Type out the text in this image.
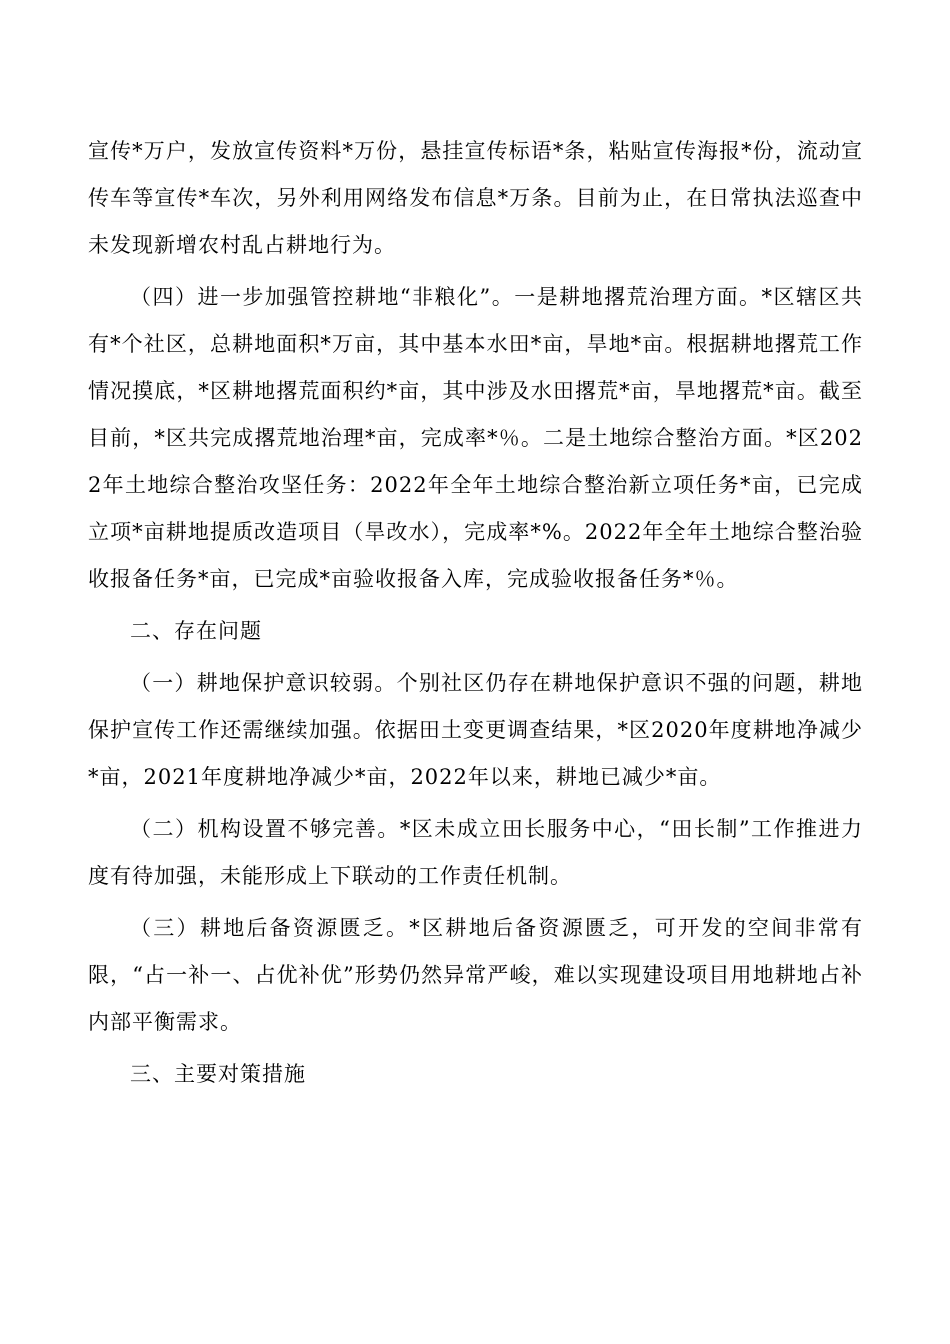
宣传*万户，发放宣传资料*万份，悬挂宣传标语*条，粘贴宣传海报*份，流动宣传车等宣传*车次，另外利用网络发布信息*万条。目前为止，在日常执法巡查中未发现新增农村乱占耕地行为。

（四）进一步加强管控耕地“非粮化”。一是耕地撂荒治理方面。*区辖区共有*个社区，总耕地面积*万亩，其中基本水田*亩，旱地*亩。根据耕地撂荒工作情况摸底，*区耕地撂荒面积约*亩，其中涉及水田撂荒*亩，旱地撂荒*亩。截至目前，*区共完成撂荒地治理*亩，完成率*％。二是土地综合整治方面。*区2022年土地综合整治攻坚任务：2022年全年土地综合整治新立项任务*亩，已完成立项*亩耕地提质改造项目（旱改水），完成率*%。2022年全年土地综合整治验收报备任务*亩，已完成*亩验收报备入库，完成验收报备任务*％。

二、存在问题

（一）耕地保护意识较弱。个别社区仍存在耕地保护意识不强的问题，耕地保护宣传工作还需继续加强。依据田土变更调查结果，*区2020年度耕地净减少*亩，2021年度耕地净减少*亩，2022年以来，耕地已减少*亩。

（二）机构设置不够完善。*区未成立田长服务中心，“田长制”工作推进力度有待加强，未能形成上下联动的工作责任机制。

（三）耕地后备资源匮乏。*区耕地后备资源匮乏，可开发的空间非常有限，“占一补一、占优补优”形势仍然异常严峻，难以实现建设项目用地耕地占补内部平衡需求。

三、主要对策措施
